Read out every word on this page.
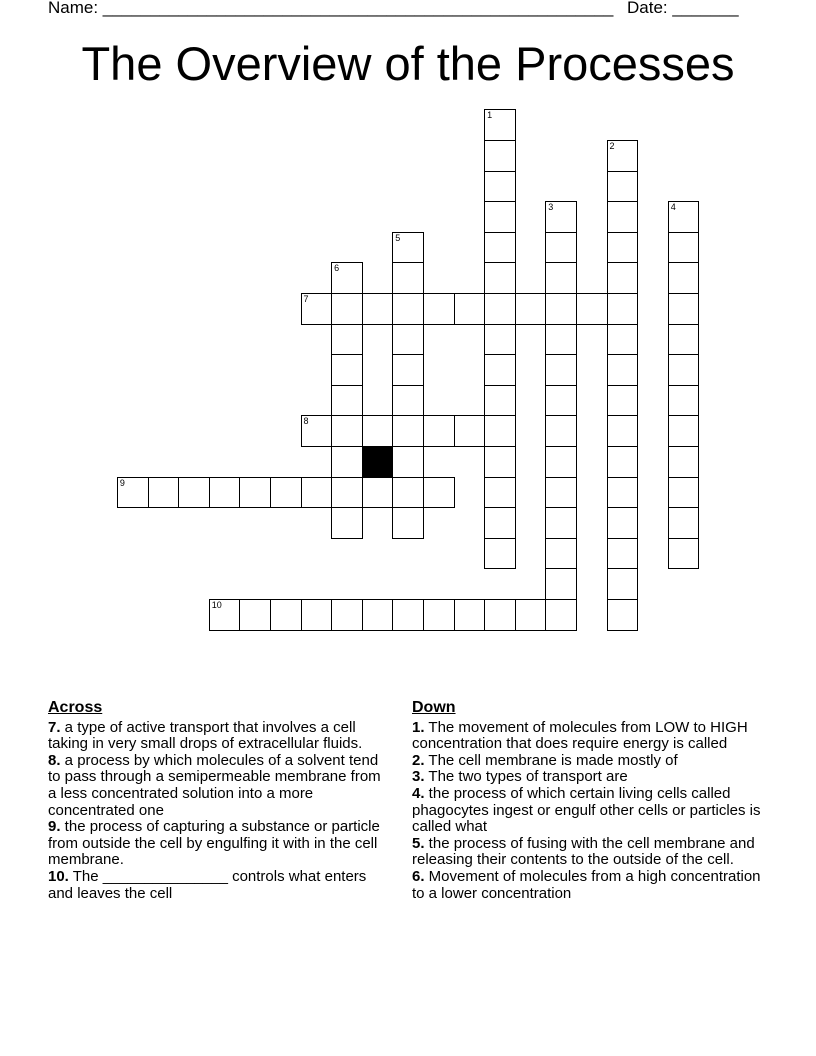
Name: ______________________________________________________ Date: _______
The Overview of the Processes
1
2
3	4
5
6
7
8
9
10
Across

7. a type of active transport that involves a cell taking in very small drops of extracellular fluids.

8. a process by which molecules of a solvent tend to pass through a semipermeable membrane from a less concentrated solution into a more concentrated one

9. the process of capturing a substance or particle from outside the cell by engulfing it with in the cell membrane.

10. The _______________ controls what enters and leaves the cell

Down

1. The movement of molecules from LOW to HIGH concentration that does require energy is called

2. The cell membrane is made mostly of

3. The two types of transport are

4. the process of which certain living cells called phagocytes ingest or engulf other cells or particles is called what

5. the process of fusing with the cell membrane and releasing their contents to the outside of the cell.

6. Movement of molecules from a high concentration to a lower concentration
